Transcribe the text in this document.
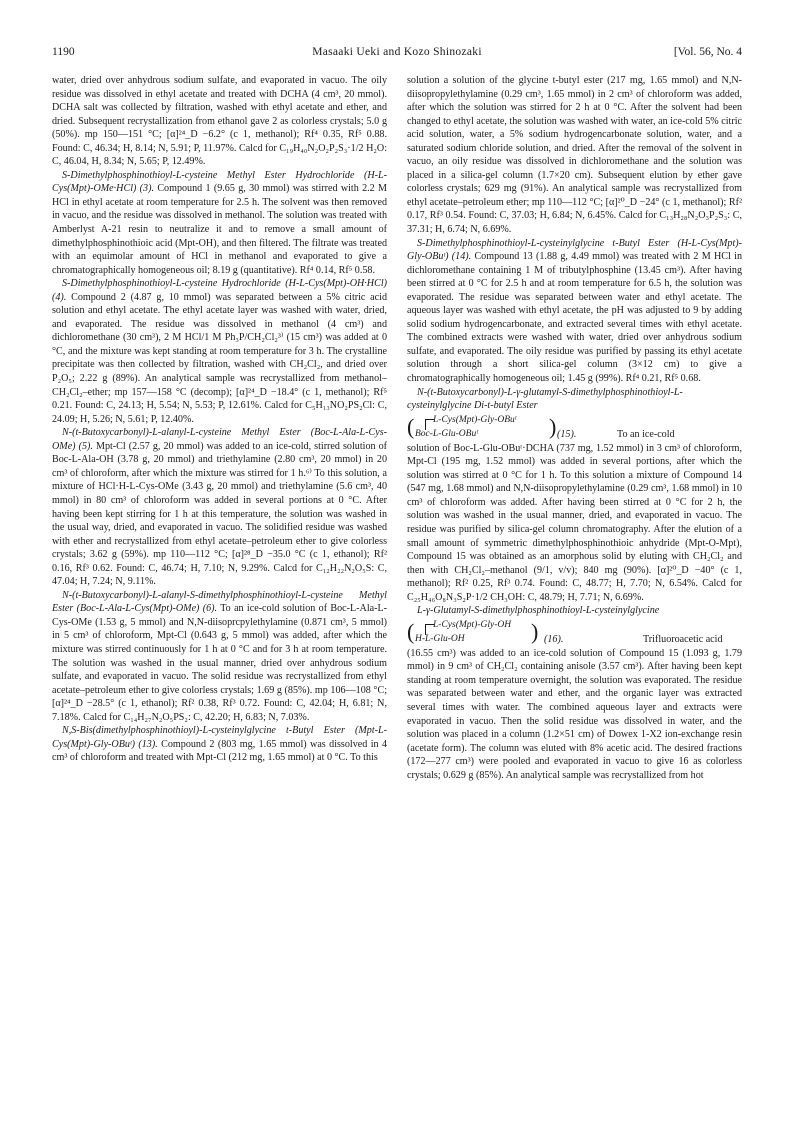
1190	Masaaki Ueki and Kozo Shinozaki	[Vol. 56, No. 4

water, dried over anhydrous sodium sulfate, and evaporated in vacuo. The oily residue was dissolved in ethyl acetate and treated with DCHA (4 cm³, 20 mmol). DCHA salt was collected by filtration, washed with ethyl acetate and ether, and dried. Subsequent recrystallization from ethanol gave 2 as colorless crystals; 5.0 g (50%). mp 150—151 °C; [α]²⁴_D −6.2° (c 1, methanol); Rf⁴ 0.35, Rf⁵ 0.88. Found: C, 46.34; H, 8.14; N, 5.91; P, 11.97%. Calcd for C₁₉H₄₀N₂O₂P₂S₃·1/2 H₂O: C, 46.04, H, 8.34; N, 5.65; P, 12.49%.

S-Dimethylphosphinothioyl-L-cysteine Methyl Ester Hydrochloride (H-L-Cys(Mpt)-OMe·HCl) (3). Compound 1 (9.65 g, 30 mmol) was stirred with 2.2 M HCl in ethyl acetate at room temperature for 2.5 h. The solvent was then removed in vacuo, and the residue was dissolved in methanol. The solution was treated with Amberlyst A-21 resin to neutralize it and to remove a small amount of dimethylphosphinothioic acid (Mpt-OH), and then filtered. The filtrate was treated with an equimolar amount of HCl in methanol and evaporated to give a chromatographically homogeneous oil; 8.19 g (quantitative). Rf⁴ 0.14, Rf⁵ 0.58.

S-Dimethylphosphinothioyl-L-cysteine Hydrochloride (H-L-Cys(Mpt)-OH·HCl) (4). Compound 2 (4.87 g, 10 mmol) was separated between a 5% citric acid solution and ethyl acetate. The ethyl acetate layer was washed with water, dried, and evaporated. The residue was dissolved in methanol (4 cm³) and dichloromethane (30 cm³), 2 M HCl/1 M Ph₃P/CH₂Cl₂³⁾ (15 cm³) was added at 0 °C, and the mixture was kept standing at room temperature for 3 h. The crystalline precipitate was then collected by filtration, washed with CH₂Cl₂, and dried over P₂O₅; 2.22 g (89%). An analytical sample was recrystallized from methanol–CH₂Cl₂–ether; mp 157—158 °C (decomp); [α]²⁴_D −18.4° (c 1, methanol); Rf⁵ 0.21. Found: C, 24.13; H, 5.54; N, 5.53; P, 12.61%. Calcd for C₅H₁₃NO₂PS₂Cl: C, 24.09; H, 5.26; N, 5.61; P, 12.40%.

N-(t-Butoxycarbonyl)-L-alanyl-L-cysteine Methyl Ester (Boc-L-Ala-L-Cys-OMe) (5). Mpt-Cl (2.57 g, 20 mmol) was added to an ice-cold, stirred solution of Boc-L-Ala-OH (3.78 g, 20 mmol) and triethylamine (2.80 cm³, 20 mmol) in 20 cm³ of chloroform, after which the mixture was stirred for 1 h.⁶⁾ To this solution, a mixture of HCl·H-L-Cys-OMe (3.43 g, 20 mmol) and triethylamine (5.6 cm³, 40 mmol) in 80 cm³ of chloroform was added in several portions at 0 °C. After having been kept stirring for 1 h at this temperature, the solution was washed in the usual way, dried, and evaporated in vacuo. The solidified residue was washed with ether and recrystallized from ethyl acetate–petroleum ether to give colorless crystals; 3.62 g (59%). mp 110—112 °C; [α]²⁸_D −35.0 °C (c 1, ethanol); Rf² 0.16, Rf³ 0.62. Found: C, 46.74; H, 7.10; N, 9.29%. Calcd for C₁₂H₂₂N₂O₅S: C, 47.04; H, 7.24; N, 9.11%.

N-(t-Butoxycarbonyl)-L-alanyl-S-dimethylphosphinothioyl-L-cysteine Methyl Ester (Boc-L-Ala-L-Cys(Mpt)-OMe) (6). To an ice-cold solution of Boc-L-Ala-L-Cys-OMe (1.53 g, 5 mmol) and N,N-diisoprcpylethylamine (0.871 cm³, 5 mmol) in 5 cm³ of chloroform, Mpt-Cl (0.643 g, 5 mmol) was added, after which the mixture was stirred continuously for 1 h at 0 °C and for 3 h at room temperature. The solution was washed in the usual manner, dried over anhydrous sodium sulfate, and evaporated in vacuo. The solid residue was recrystallized from ethyl acetate–petroleum ether to give colorless crystals; 1.69 g (85%). mp 106—108 °C; [α]²⁴_D −28.5° (c 1, ethanol); Rf² 0.38, Rf³ 0.72. Found: C, 42.04; H, 6.81; N, 7.18%. Calcd for C₁₄H₂₇N₂O₅PS₂: C, 42.20; H, 6.83; N, 7.03%.

N,S-Bis(dimethylphosphinothioyl)-L-cysteinylglycine t-Butyl Ester (Mpt-L-Cys(Mpt)-Gly-OBuᵗ) (13). Compound 2 (803 mg, 1.65 mmol) was dissolved in 4 cm³ of chloroform and treated with Mpt-Cl (212 mg, 1.65 mmol) at 0 °C. To this

solution a solution of the glycine t-butyl ester (217 mg, 1.65 mmol) and N,N-diisopropylethylamine (0.29 cm³, 1.65 mmol) in 2 cm³ of chloroform was added, after which the solution was stirred for 2 h at 0 °C. After the solvent had been changed to ethyl acetate, the solution was washed with water, an ice-cold 5% citric acid solution, water, a 5% sodium hydrogencarbonate solution, water, and a saturated sodium chloride solution, and dried. After the removal of the solvent in vacuo, an oily residue was dissolved in dichloromethane and the solution was placed in a silica-gel column (1.7×20 cm). Subsequent elution by ether gave colorless crystals; 629 mg (91%). An analytical sample was recrystallized from ethyl acetate–petroleum ether; mp 110—112 °C; [α]²⁰_D −24° (c 1, methanol); Rf² 0.17, Rf³ 0.54. Found: C, 37.03; H, 6.84; N, 6.45%. Calcd for C₁₃H₂₈N₂O₃P₂S₃: C, 37.31; H, 6.74; N, 6.69%.

S-Dimethylphosphinothioyl-L-cysteinylglycine t-Butyl Ester (H-L-Cys(Mpt)-Gly-OBuᵗ) (14). Compound 13 (1.88 g, 4.49 mmol) was treated with 2 M HCl in dichloromethane containing 1 M of tributylphosphine (13.45 cm³). After having been stirred at 0 °C for 2.5 h and at room temperature for 6.5 h, the solution was evaporated. The residue was separated between water and ethyl acetate. The aqueous layer was washed with ethyl acetate, the pH was adjusted to 9 by adding solid sodium hydrogencarbonate, and extracted several times with ethyl acetate. The combined extracts were washed with water, dried over anhydrous sodium sulfate, and evaporated. The oily residue was purified by passing its ethyl acetate solution through a short silica-gel column (3×12 cm) to give a chromatographically homogeneous oil; 1.45 g (99%). Rf⁴ 0.21, Rf⁵ 0.68.

N-(t-Butoxycarbonyl)-L-γ-glutamyl-S-dimethylphosphinothioyl-L-cysteinylglycine Di-t-butyl Ester

( L-Cys(Mpt)-Gly-OBuᵗ
Boc-L-Glu-OBuᵗ	) (15).	To an ice-cold

solution of Boc-L-Glu-OBuᵗ·DCHA (737 mg, 1.52 mmol) in 3 cm³ of chloroform, Mpt-Cl (195 mg, 1.52 mmol) was added in several portions, after which the solution was stirred at 0 °C for 1 h. To this solution a mixture of Compound 14 (547 mg, 1.68 mmol) and N,N-diisopropylethylamine (0.29 cm³, 1.68 mmol) in 10 cm³ of chloroform was added. After having been stirred at 0 °C for 2 h, the solution was washed in the usual manner, dried, and evaporated in vacuo. The residue was purified by silica-gel column chromatography. After the elution of a small amount of symmetric dimethylphosphinothioic anhydride (Mpt-O-Mpt), Compound 15 was obtained as an amorphous solid by eluting with CH₂Cl₂ and then with CH₂Cl₂–methanol (9/1, v/v); 840 mg (90%). [α]²⁰_D −40° (c 1, methanol); Rf² 0.25, Rf³ 0.74. Found: C, 48.77; H, 7.70; N, 6.54%. Calcd for C₂₅H₄₆O₈N₃S₂P·1/2 CH₃OH: C, 48.79; H, 7.71; N, 6.69%.

L-γ-Glutamyl-S-dimethylphosphinothioyl-L-cysteinylglycine

( L-Cys(Mpt)-Gly-OH
H-L-Glu-OH	) (16).	Trifluoroacetic acid

(16.55 cm³) was added to an ice-cold solution of Compound 15 (1.093 g, 1.79 mmol) in 9 cm³ of CH₂Cl₂ containing anisole (3.57 cm³). After having been kept standing at room temperature overnight, the solution was evaporated. The residue was separated between water and ether, and the organic layer was extracted several times with water. The combined aqueous layer and extracts were evaporated in vacuo. Then the solid residue was dissolved in water, and the solution was placed in a column (1.2×51 cm) of Dowex 1-X2 ion-exchange resin (acetate form). The column was eluted with 8% acetic acid. The desired fractions (172—277 cm³) were pooled and evaporated in vacuo to give 16 as colorless crystals; 0.629 g (85%). An analytical sample was recrystallized from hot
